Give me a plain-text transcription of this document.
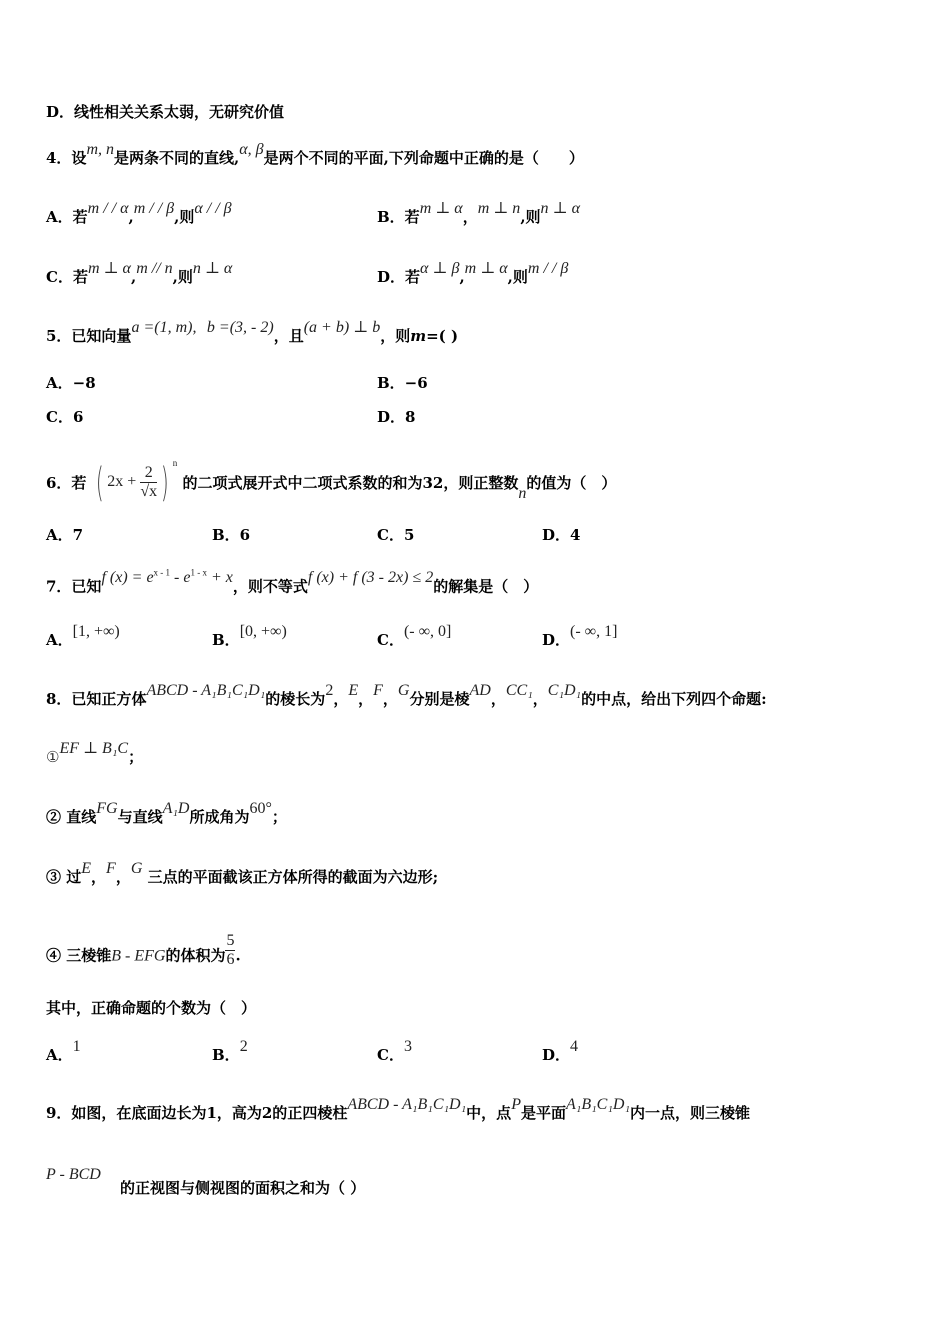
D．线性相关关系太弱，无研究价值
4．设m, n是两条不同的直线,α, β是两个不同的平面,下列命题中正确的是（　　）
A．若m / / α,m / / β,则α / / β	B．若m ⊥ α，m ⊥ n,则n ⊥ α
C．若m ⊥ α,m // n,则n ⊥ α	D．若α ⊥ β,m ⊥ α,则m / / β
5．已知向量a =(1, m), b =(3, - 2)，且(a + b) ⊥ b，则m=( )
A．−8	B．−6
C．6	D．8
6．若 ( $2x + \frac{2}{√x}$ ) $^n$ 的二项式展开式中二项式系数的和为32，则正整数n的值为（　）
A．7	B．6	C．5	D．4
7．已知f $(x) = e^{x - 1} - e^{1 - x} + x$，则不等式f (x) + f (3 - 2x) ≤ 2的解集是（　）
A．[1, +∞)	B．[0, +∞)	C．(- ∞, 0]	D．(- ∞, 1]
8．已知正方体ABCD - A₁B₁C₁D₁的棱长为2，E，F，G分别是棱AD，CC₁，C₁D₁的中点，给出下列四个命题:
①EF ⊥ B₁C；
② 直线FG与直线A₁D所成角为60°；
③ 过E，F，G 三点的平面截该正方体所得的截面为六边形;
④ 三棱锥B - EFG的体积为 $\frac{5}{6}$ .
其中，正确命题的个数为（　）
A．1	B．2	C．3	D．4
9．如图，在底面边长为1，高为2的正四棱柱ABCD - A₁B₁C₁D₁中，点P是平面A₁B₁C₁D₁内一点，则三棱锥
P - BCD
的正视图与侧视图的面积之和为（ ）
